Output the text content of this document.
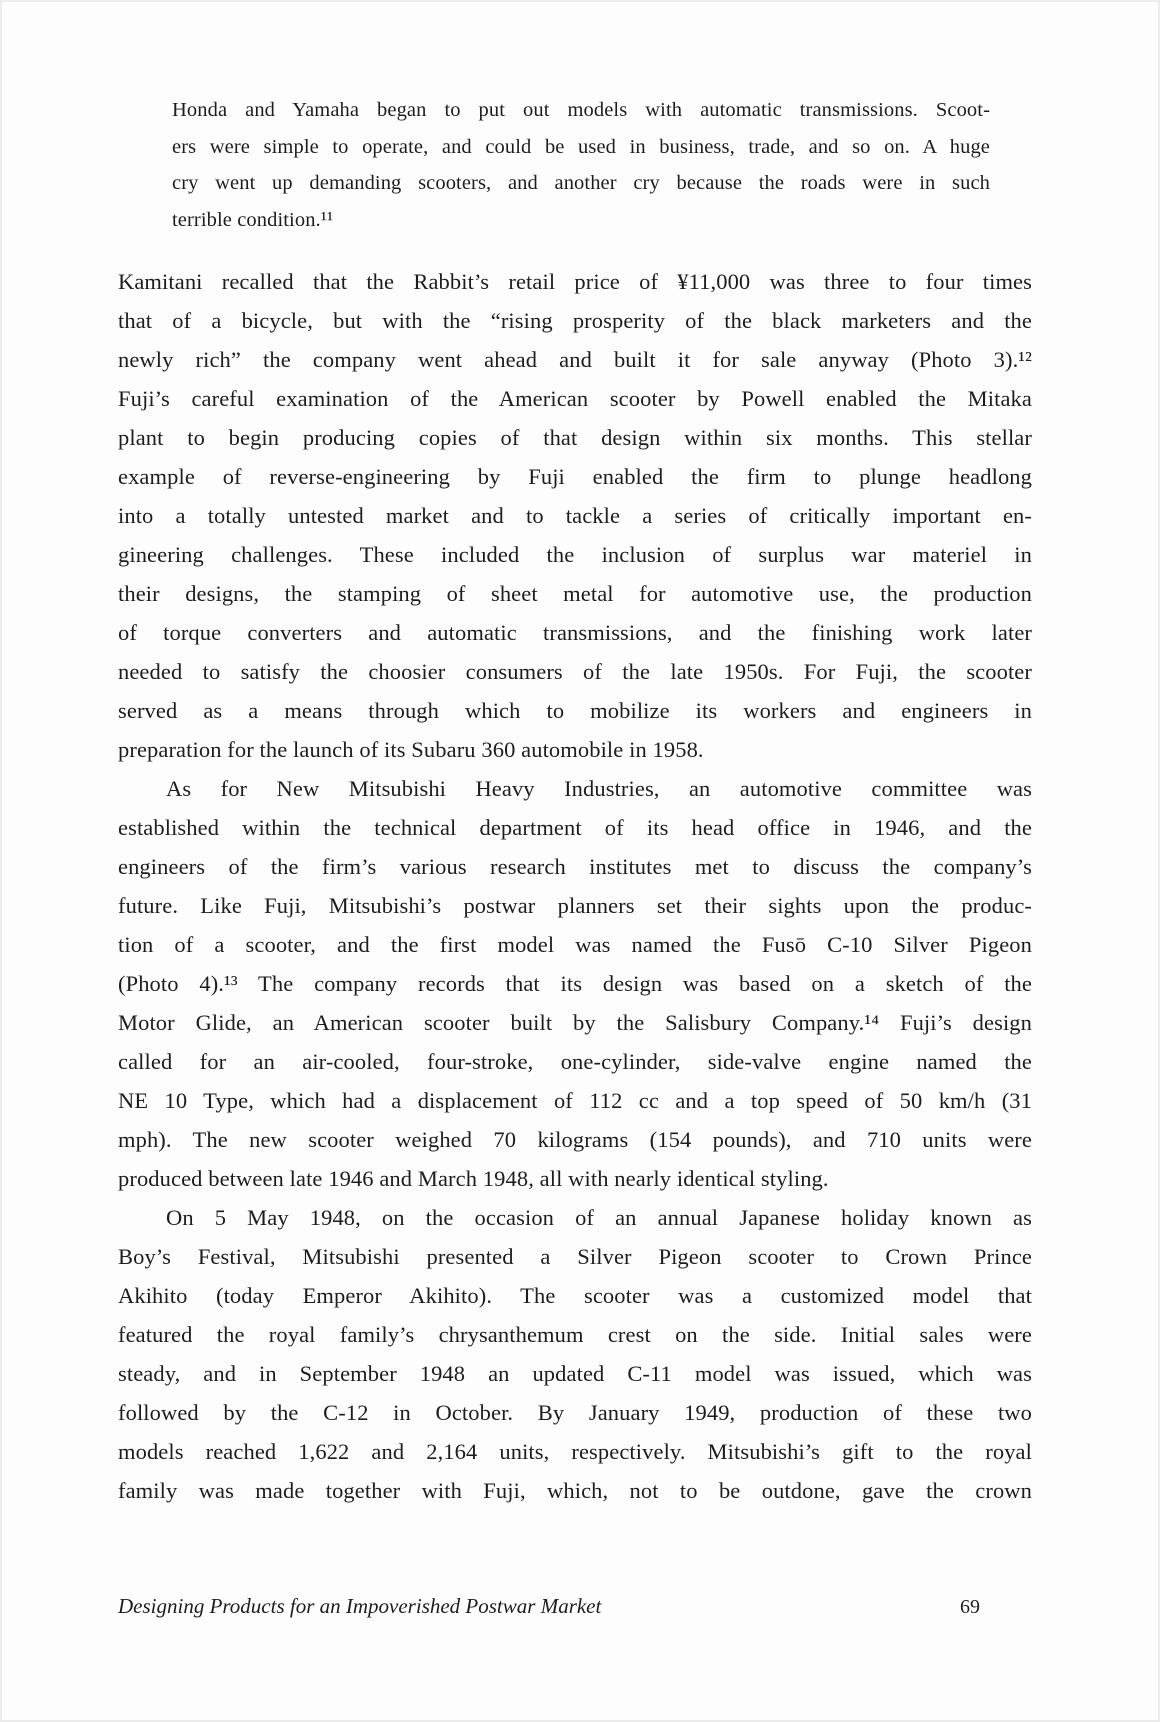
Honda and Yamaha began to put out models with automatic transmissions. Scoot-
ers were simple to operate, and could be used in business, trade, and so on. A huge
cry went up demanding scooters, and another cry because the roads were in such
terrible condition.¹¹
Kamitani recalled that the Rabbit’s retail price of ¥11,000 was three to four times
that of a bicycle, but with the “rising prosperity of the black marketers and the
newly rich” the company went ahead and built it for sale anyway (Photo 3).¹²
Fuji’s careful examination of the American scooter by Powell enabled the Mitaka
plant to begin producing copies of that design within six months. This stellar
example of reverse-engineering by Fuji enabled the firm to plunge headlong
into a totally untested market and to tackle a series of critically important en-
gineering challenges. These included the inclusion of surplus war materiel in
their designs, the stamping of sheet metal for automotive use, the production
of torque converters and automatic transmissions, and the finishing work later
needed to satisfy the choosier consumers of the late 1950s. For Fuji, the scooter
served as a means through which to mobilize its workers and engineers in
preparation for the launch of its Subaru 360 automobile in 1958.
As for New Mitsubishi Heavy Industries, an automotive committee was
established within the technical department of its head office in 1946, and the
engineers of the firm’s various research institutes met to discuss the company’s
future. Like Fuji, Mitsubishi’s postwar planners set their sights upon the produc-
tion of a scooter, and the first model was named the Fusō C-10 Silver Pigeon
(Photo 4).¹³ The company records that its design was based on a sketch of the
Motor Glide, an American scooter built by the Salisbury Company.¹⁴ Fuji’s design
called for an air-cooled, four-stroke, one-cylinder, side-valve engine named the
NE 10 Type, which had a displacement of 112 cc and a top speed of 50 km/h (31
mph). The new scooter weighed 70 kilograms (154 pounds), and 710 units were
produced between late 1946 and March 1948, all with nearly identical styling.
On 5 May 1948, on the occasion of an annual Japanese holiday known as
Boy’s Festival, Mitsubishi presented a Silver Pigeon scooter to Crown Prince
Akihito (today Emperor Akihito). The scooter was a customized model that
featured the royal family’s chrysanthemum crest on the side. Initial sales were
steady, and in September 1948 an updated C-11 model was issued, which was
followed by the C-12 in October. By January 1949, production of these two
models reached 1,622 and 2,164 units, respectively. Mitsubishi’s gift to the royal
family was made together with Fuji, which, not to be outdone, gave the crown
Designing Products for an Impoverished Postwar Market	69
